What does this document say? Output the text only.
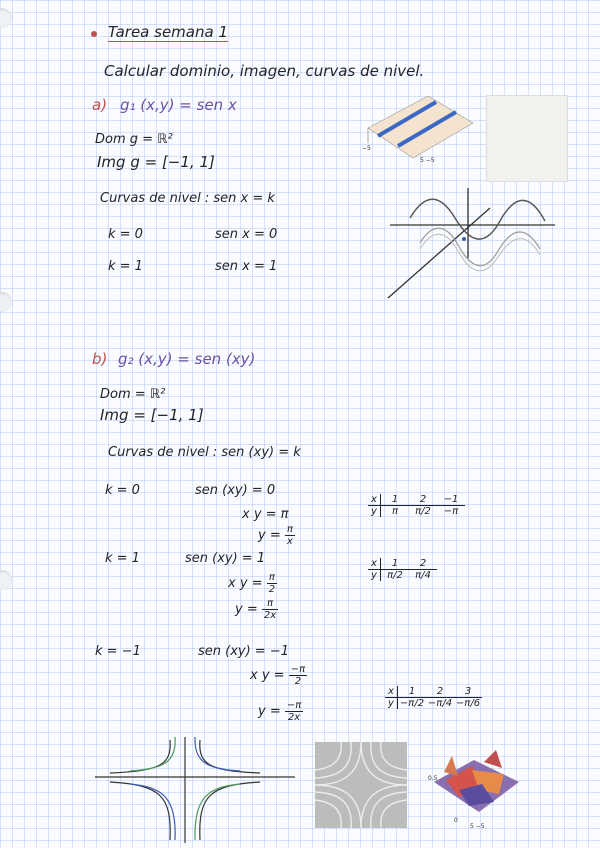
Tarea semana 1
Calcular dominio, imagen, curvas de nivel.
a) g₁ (x,y) = sen x
Dom g = ℝ²
Img g = [−1, 1]
Curvas de nivel : sen x = k
k = 0	sen x = 0
k = 1	sen x = 1
−5
5 −5
b) g₂ (x,y) = sen (xy)
Dom = ℝ²
Img = [−1, 1]
Curvas de nivel : sen (xy) = k
k = 0	sen (xy) = 0
x y = π
$y = \frac{\pi}{x}$
x	1	2	−1
y	π	π/2	−π
k = 1	sen (xy) = 1
x $y = \frac{\pi}{2}$
$y = \frac{\pi}{2x}$
x	1	2
y	π/2	π/4
k = −1	sen (xy) = −1
x $y = \frac{-\pi}{2}$
$y = \frac{-\pi}{2x}$
x	1	2	3
y −π/2 −π/4 −π/6
0.5
0
5 −5
